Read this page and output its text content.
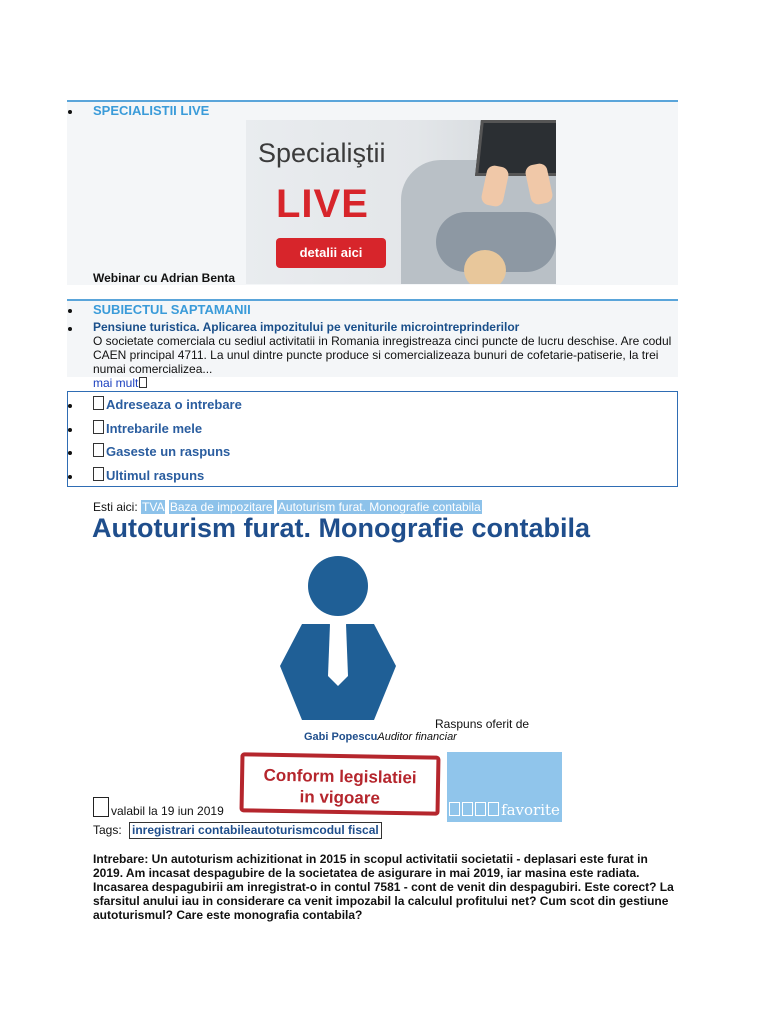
SPECIALISTII LIVE
Specialiştii
LIVE
detalii aici
Webinar cu Adrian Benta
SUBIECTUL SAPTAMANII
Pensiune turistica. Aplicarea impozitului pe veniturile microintreprinderilor
O societate comerciala cu sediul activitatii in Romania inregistreaza cinci puncte de lucru deschise. Are codul CAEN principal 4711. La unul dintre puncte produce si comercializeaza bunuri de cofetarie-patiserie, la trei numai comercializea...
mai mult
Adreseaza o intrebare
Intrebarile mele
Gaseste un raspuns
Ultimul raspuns
Esti aici: TVA Baza de impozitare Autoturism furat. Monografie contabila
Autoturism furat. Monografie contabila
Raspuns oferit de
Gabi PopescuAuditor financiar
Conform legislatiei
in vigoare
favorite
valabil la 19 iun 2019
Tags: inregistrari contabileautoturismcodul fiscal
Intrebare: Un autoturism achizitionat in 2015 in scopul activitatii societatii - deplasari este furat in 2019. Am incasat despagubire de la societatea de asigurare in mai 2019, iar masina este radiata. Incasarea despagubirii am inregistrat-o in contul 7581 - cont de venit din despagubiri. Este corect? La sfarsitul anului iau in considerare ca venit impozabil la calculul profitului net? Cum scot din gestiune autoturismul? Care este monografia contabila?
